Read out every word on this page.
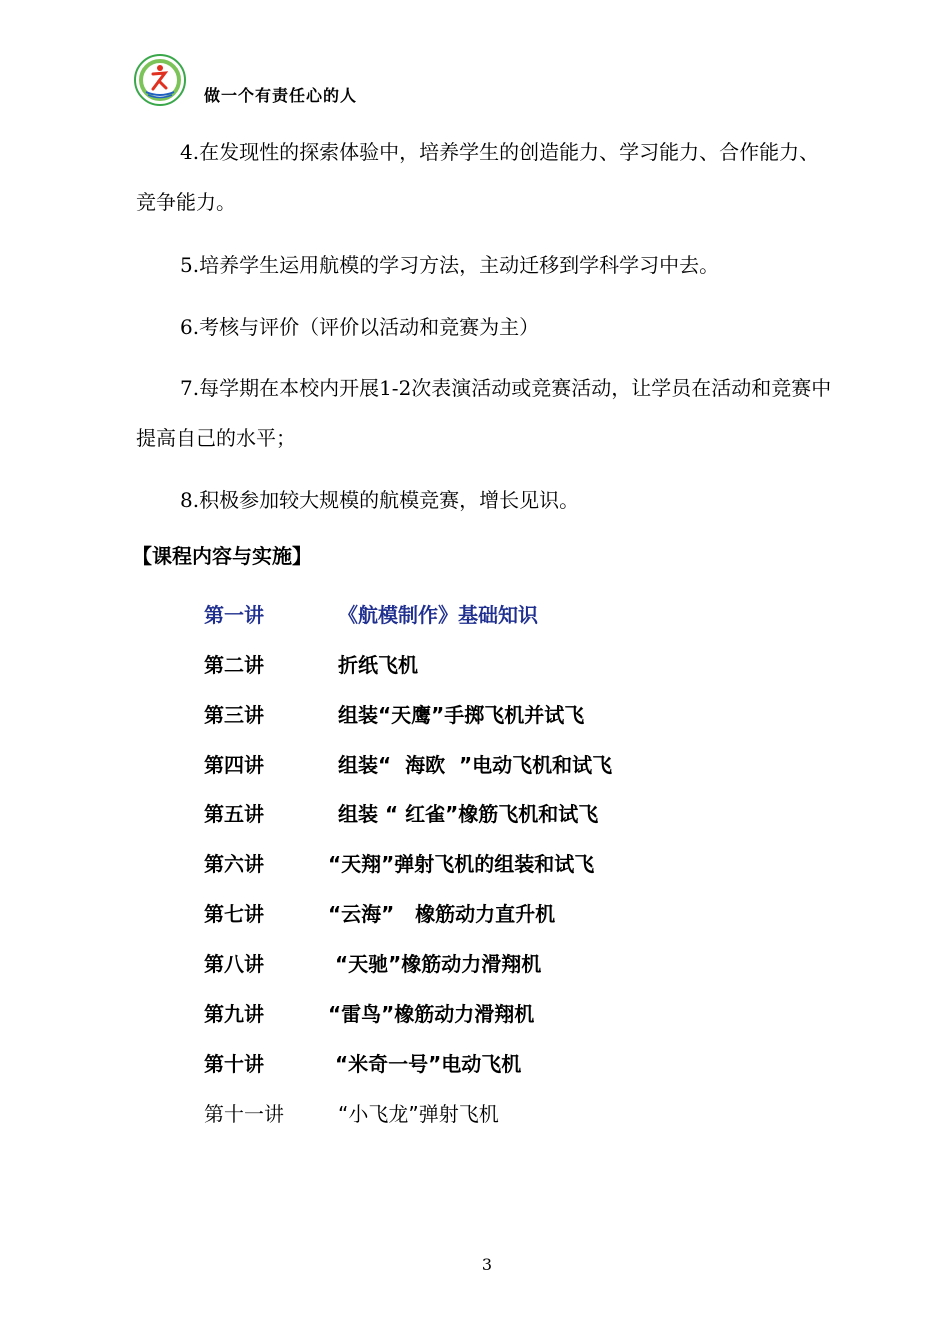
做一个有责任心的人

4.在发现性的探索体验中，培养学生的创造能力、学习能力、合作能力、竞争能力。

5.培养学生运用航模的学习方法，主动迁移到学科学习中去。

6.考核与评价（评价以活动和竞赛为主）

7.每学期在本校内开展1-2次表演活动或竞赛活动，让学员在活动和竞赛中提高自己的水平；

8.积极参加较大规模的航模竞赛，增长见识。

【课程内容与实施】
第一讲	《航模制作》基础知识
第二讲	折纸飞机
第三讲	组装“天鹰”手掷飞机并试飞
第四讲	组装“  海欧  ”电动飞机和试飞
第五讲	组装 “ 红雀”橡筋飞机和试飞
第六讲	“天翔”弹射飞机的组装和试飞
第七讲	“云海”   橡筋动力直升机
第八讲	“天驰”橡筋动力滑翔机
第九讲	“雷鸟”橡筋动力滑翔机
第十讲	“米奇一号”电动飞机
第十一讲	“小飞龙”弹射飞机
3
